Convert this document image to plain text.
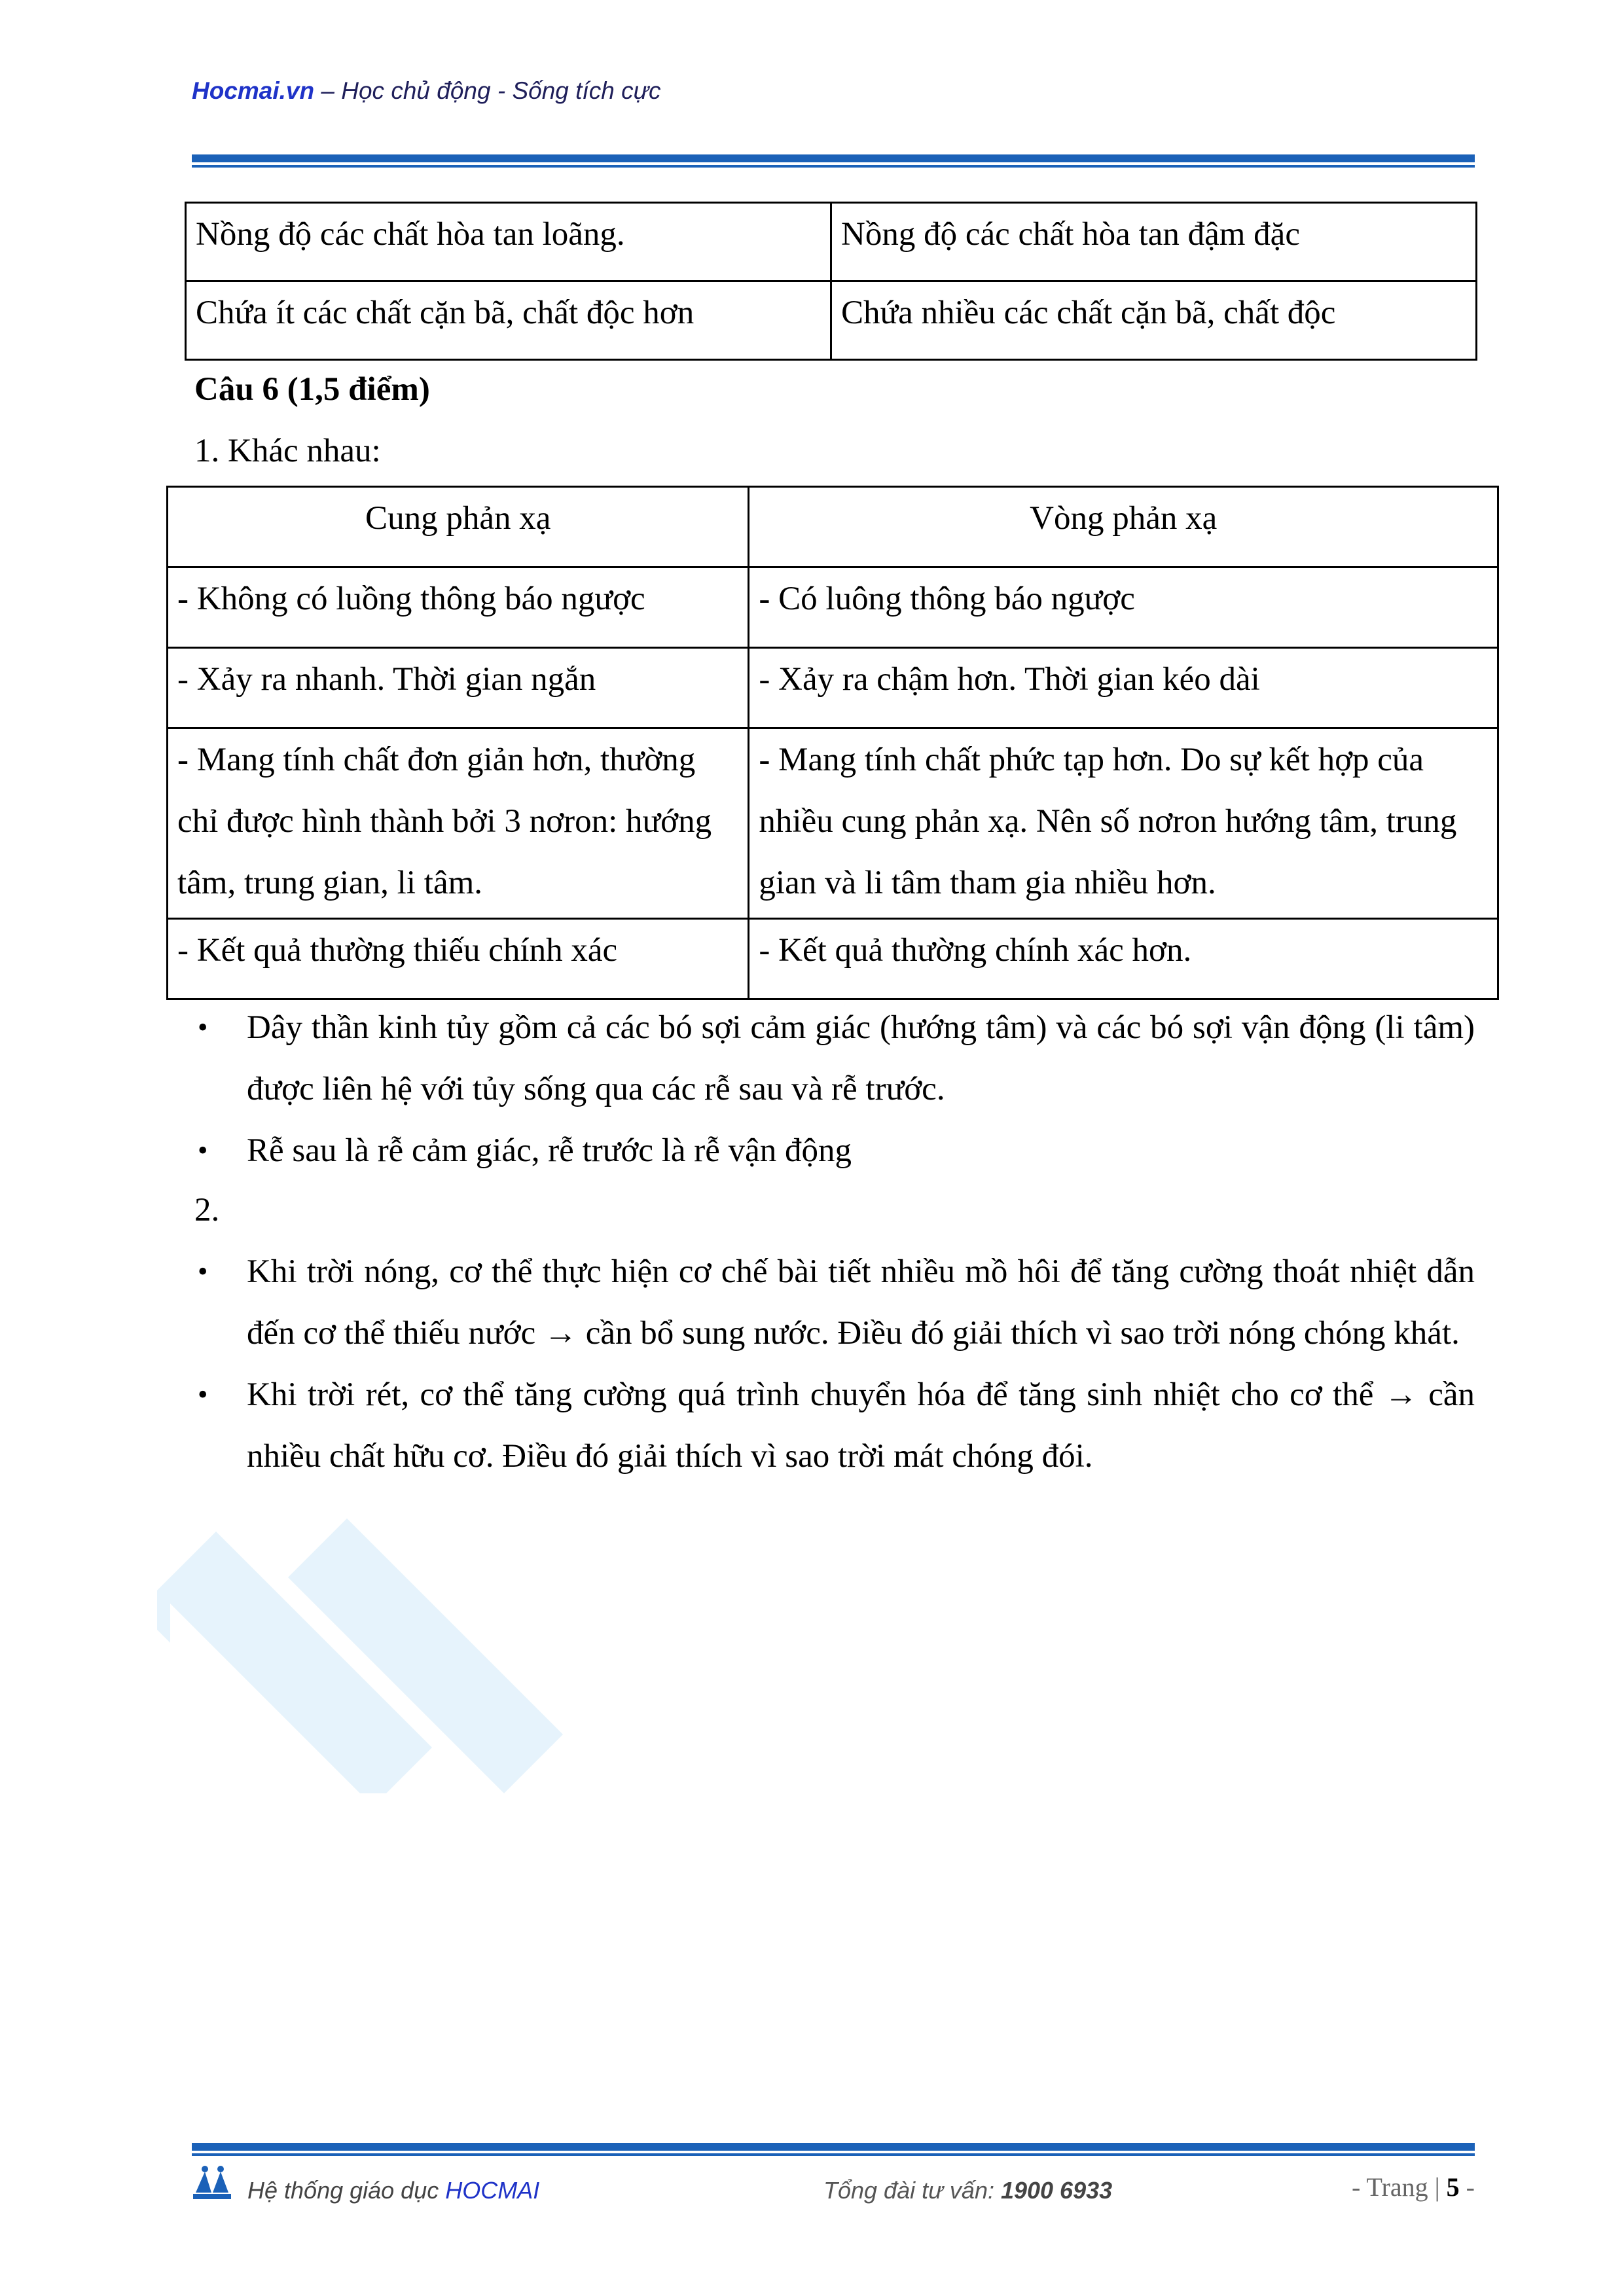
Hocmai.vn – Học chủ động - Sống tích cực
Nồng độ các chất hòa tan loãng.	Nồng độ các chất hòa tan đậm đặc
Chứa ít các chất cặn bã, chất độc hơn	Chứa nhiều các chất cặn bã, chất độc
Câu 6 (1,5 điểm)
1. Khác nhau:
Cung phản xạ	Vòng phản xạ
- Không có luồng thông báo ngược	- Có luông thông báo ngược
- Xảy ra nhanh. Thời gian ngắn	- Xảy ra chậm hơn. Thời gian kéo dài
- Mang tính chất đơn giản hơn, thường chỉ được hình thành bởi 3 nơron: hướng tâm, trung gian, li tâm.	- Mang tính chất phức tạp hơn. Do sự kết hợp của nhiều cung phản xạ. Nên số nơron hướng tâm, trung gian và li tâm tham gia nhiều hơn.
- Kết quả thường thiếu chính xác	- Kết quả thường chính xác hơn.
• Dây thần kinh tủy gồm cả các bó sợi cảm giác (hướng tâm) và các bó sợi vận động (li tâm) được liên hệ với tủy sống qua các rễ sau và rễ trước.
• Rễ sau là rễ cảm giác, rễ trước là rễ vận động
2.
• Khi trời nóng, cơ thể thực hiện cơ chế bài tiết nhiều mồ hôi để tăng cường thoát nhiệt dẫn đến cơ thể thiếu nước → cần bổ sung nước. Điều đó giải thích vì sao trời nóng chóng khát.
• Khi trời rét, cơ thể tăng cường quá trình chuyển hóa để tăng sinh nhiệt cho cơ thể → cần nhiều chất hữu cơ. Điều đó giải thích vì sao trời mát chóng đói.
Hệ thống giáo dục HOCMAI	Tổng đài tư vấn: 1900 6933	- Trang | 5 -
